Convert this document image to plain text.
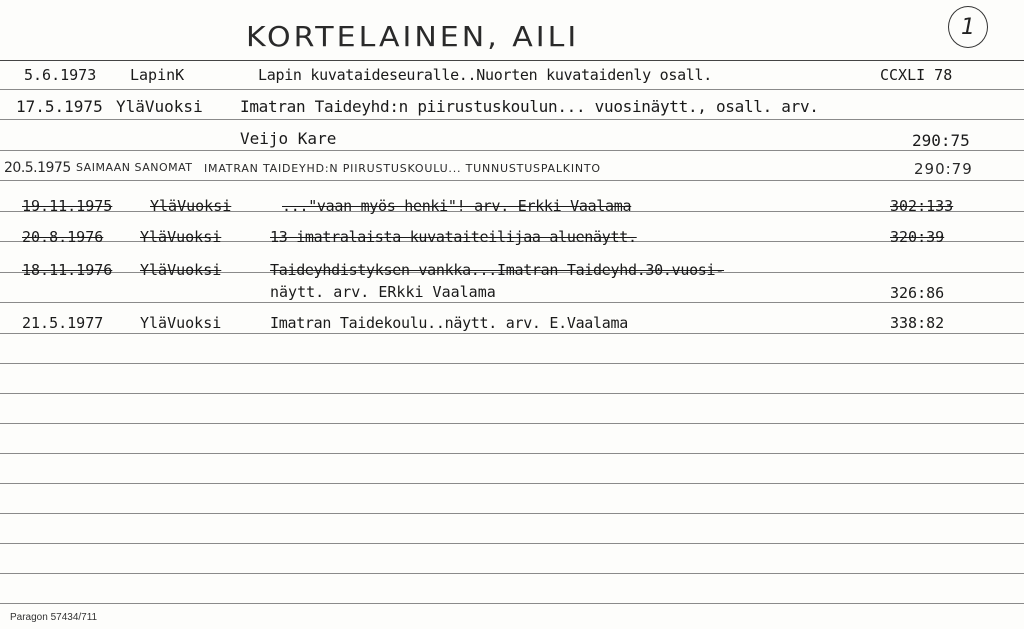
KORTELAINEN, AILI	1
5.6.1973 LapinK	Lapin kuvataideseuralle..Nuorten kuvataidenly osall.	CCXLI 78
17.5.1975 YläVuoksi Imatran Taideyhd:n piirustuskoulun... vuosinäytt., osall. arv.
Veijo Kare	290:75
20.5.1975 SAIMAAN SANOMAT IMATRAN TAIDEYHD:N PIIRUSTUSKOULU... TUNNUSTUSPALKINTO	290:79
19.11.1975	YläVuoksi	..."vaan myös henki"! arv. Erkki Vaalama	302:133
20.8.1976 YläVuoksi	13 imatralaista kuvataiteilijaa aluenäytt.	320:39
18.11.1976 YläVuoksi	Taideyhdistyksen vankka...Imatran Taideyhd.30.vuosi-
näytt. arv. ERkki Vaalama	326:86
21.5.1977 YläVuoksi	Imatran Taidekoulu..näytt. arv. E.Vaalama	338:82
Paragon 57434/711
